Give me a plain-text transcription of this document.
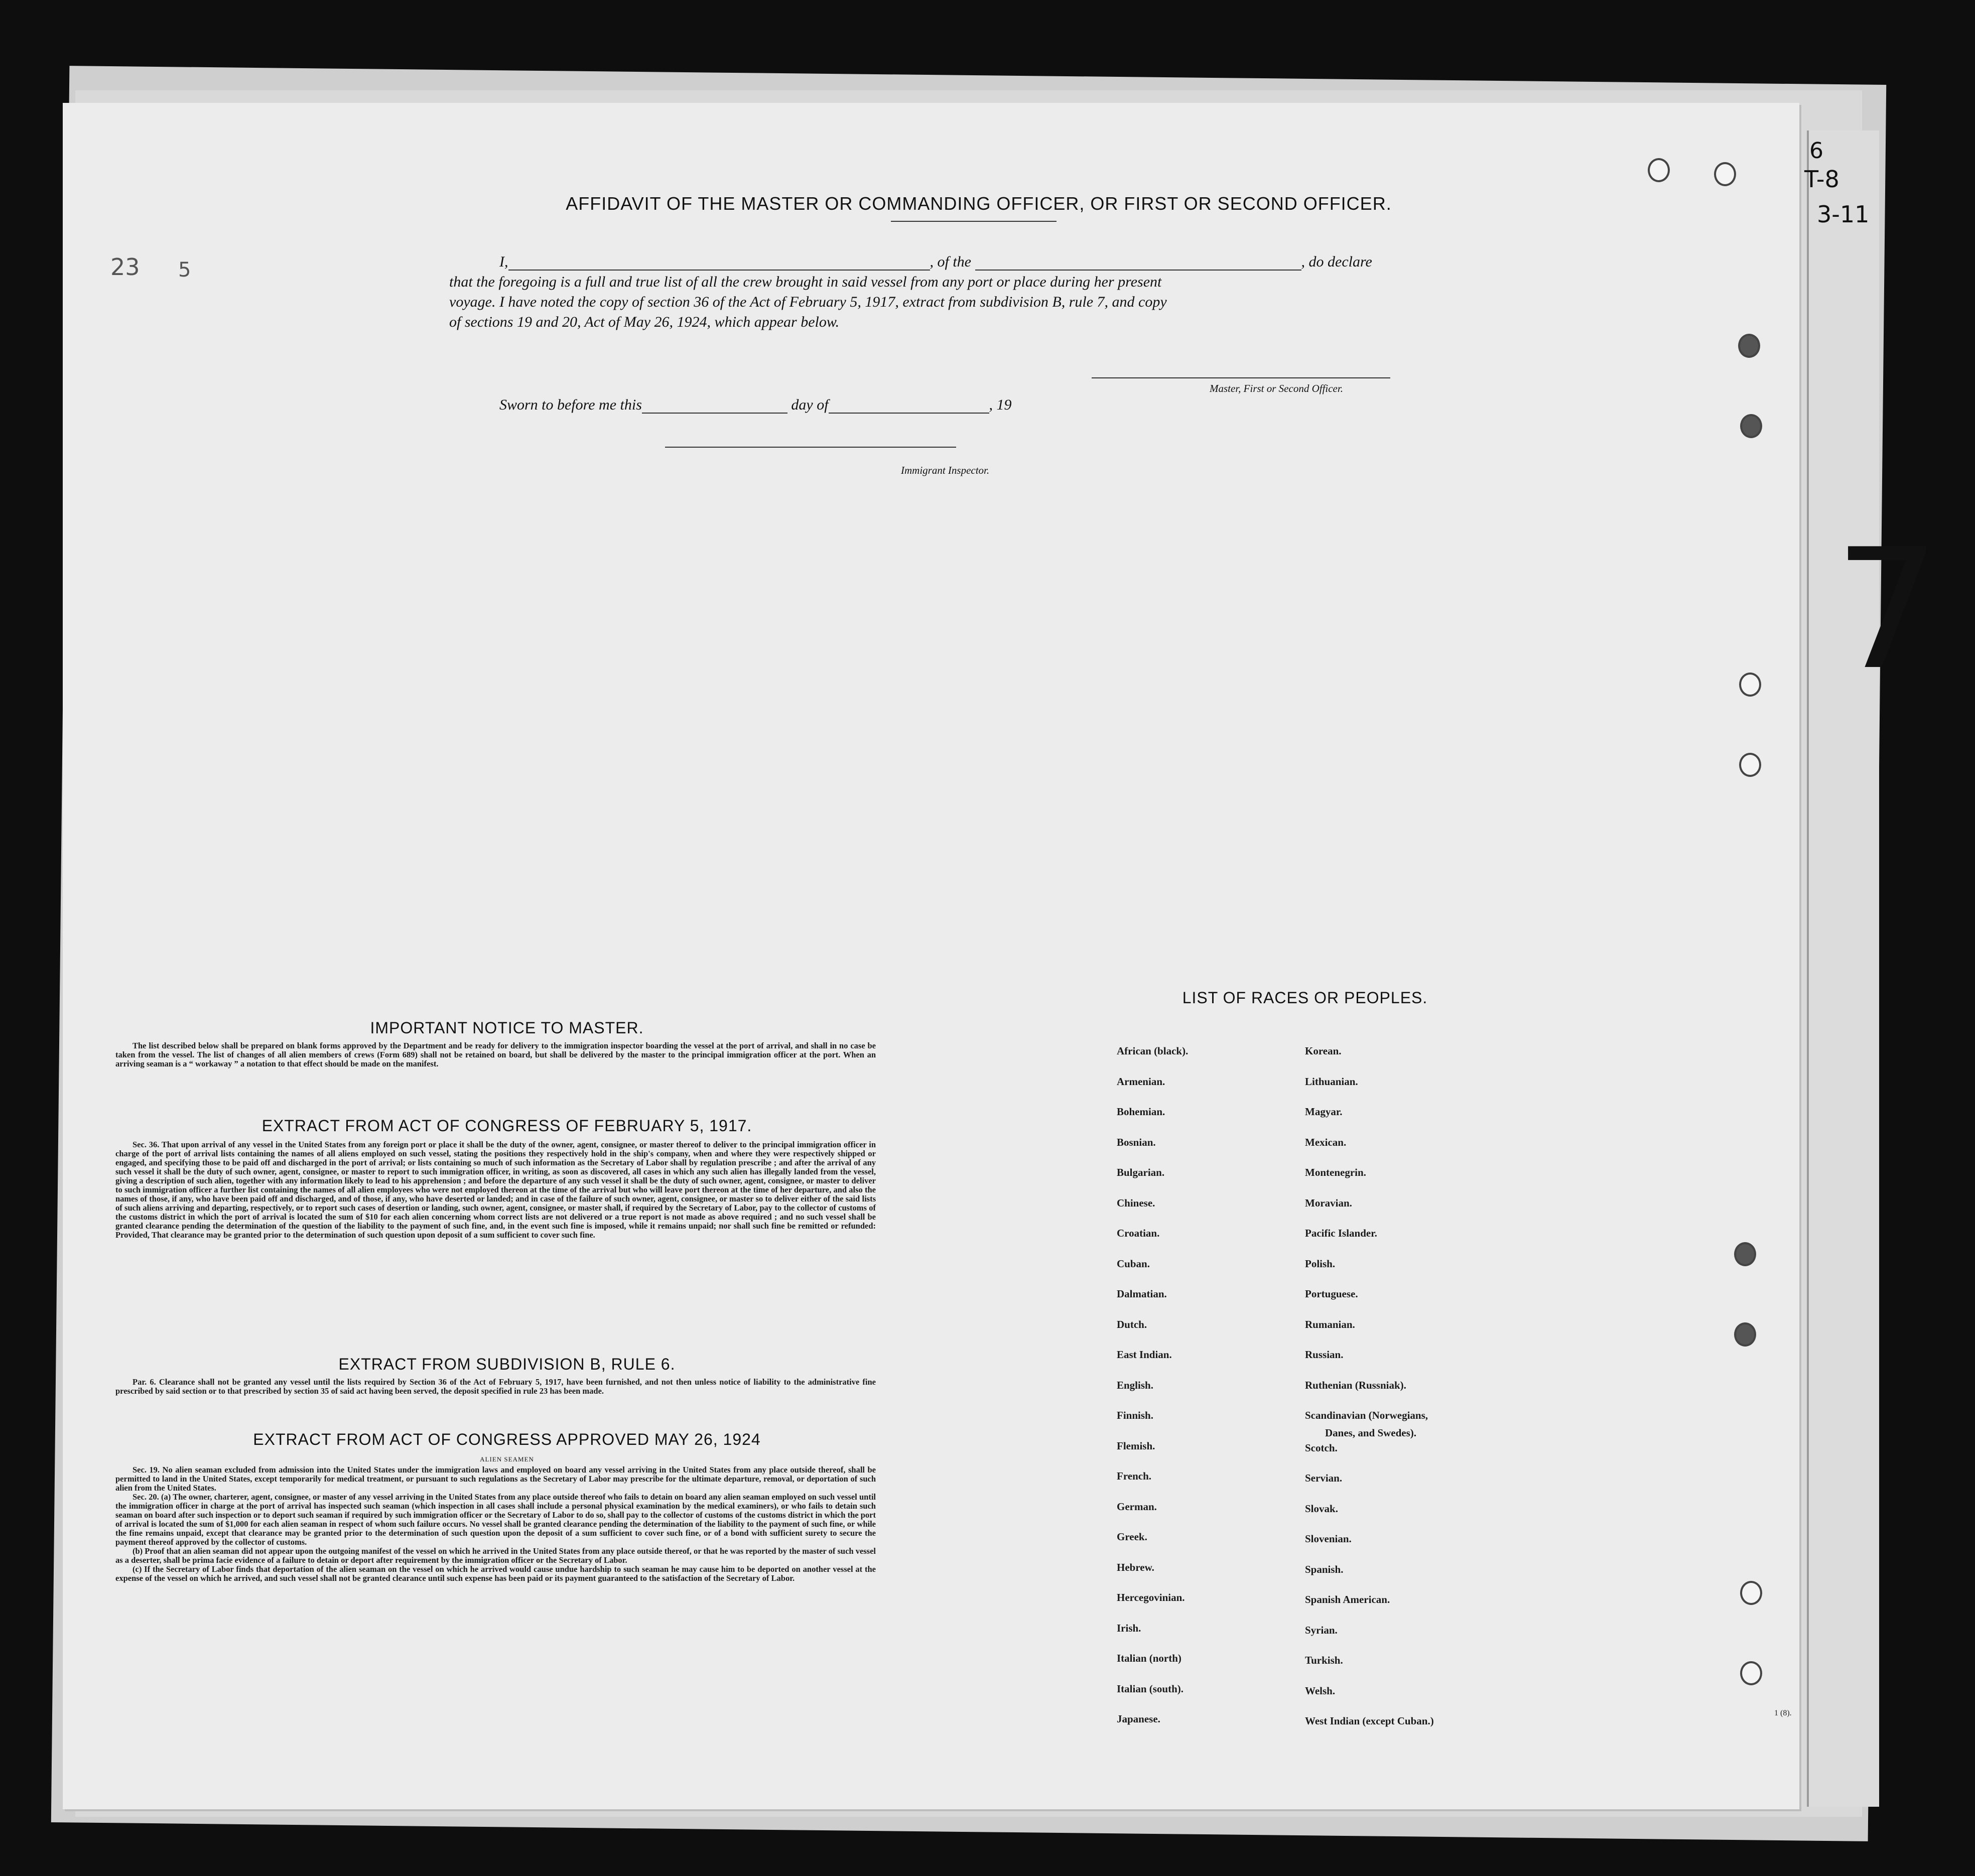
6
T-8
3-11
7
23 5
AFFIDAVIT OF THE MASTER OR COMMANDING OFFICER, OR FIRST OR SECOND OFFICER.
I,	, of the	, do declare
that the foregoing is a full and true list of all the crew brought in said vessel from any port or place during her present
voyage. I have noted the copy of section 36 of the Act of February 5, 1917, extract from subdivision B, rule 7, and copy
of sections 19 and 20, Act of May 26, 1924, which appear below.
Master, First or Second Officer.
Sworn to before me this	day of	, 19
Immigrant Inspector.
IMPORTANT NOTICE TO MASTER.

The list described below shall be prepared on blank forms approved by the Department and be ready for delivery to the immigration inspector boarding the vessel at the port of arrival, and shall in no case be taken from the vessel. The list of changes of all alien members of crews (Form 689) shall not be retained on board, but shall be delivered by the master to the principal immigration officer at the port. When an arriving seaman is a “ workaway ” a notation to that effect should be made on the manifest.

EXTRACT FROM ACT OF CONGRESS OF FEBRUARY 5, 1917.

Sec. 36. That upon arrival of any vessel in the United States from any foreign port or place it shall be the duty of the owner, agent, consignee, or master thereof to deliver to the principal immigration officer in charge of the port of arrival lists containing the names of all aliens employed on such vessel, stating the positions they respectively hold in the ship's company, when and where they were respectively shipped or engaged, and specifying those to be paid off and discharged in the port of arrival; or lists containing so much of such information as the Secretary of Labor shall by regulation prescribe ; and after the arrival of any such vessel it shall be the duty of such owner, agent, consignee, or master to report to such immigration officer, in writing, as soon as discovered, all cases in which any such alien has illegally landed from the vessel, giving a description of such alien, together with any information likely to lead to his apprehension ; and before the departure of any such vessel it shall be the duty of such owner, agent, consignee, or master to deliver to such immigration officer a further list containing the names of all alien employees who were not employed thereon at the time of the arrival but who will leave port thereon at the time of her departure, and also the names of those, if any, who have been paid off and discharged, and of those, if any, who have deserted or landed; and in case of the failure of such owner, agent, consignee, or master so to deliver either of the said lists of such aliens arriving and departing, respectively, or to report such cases of desertion or landing, such owner, agent, consignee, or master shall, if required by the Secretary of Labor, pay to the collector of customs of the customs district in which the port of arrival is located the sum of $10 for each alien concerning whom correct lists are not delivered or a true report is not made as above required ; and no such vessel shall be granted clearance pending the determination of the question of the liability to the payment of such fine, and, in the event such fine is imposed, while it remains unpaid; nor shall such fine be remitted or refunded: Provided, That clearance may be granted prior to the determination of such question upon deposit of a sum sufficient to cover such fine.

EXTRACT FROM SUBDIVISION B, RULE 6.

Par. 6. Clearance shall not be granted any vessel until the lists required by Section 36 of the Act of February 5, 1917, have been furnished, and not then unless notice of liability to the administrative fine prescribed by said section or to that prescribed by section 35 of said act having been served, the deposit specified in rule 23 has been made.

EXTRACT FROM ACT OF CONGRESS APPROVED MAY 26, 1924
ALIEN SEAMEN

Sec. 19. No alien seaman excluded from admission into the United States under the immigration laws and employed on board any vessel arriving in the United States from any place outside thereof, shall be permitted to land in the United States, except temporarily for medical treatment, or pursuant to such regulations as the Secretary of Labor may prescribe for the ultimate departure, removal, or deportation of such alien from the United States.

Sec. 20. (a) The owner, charterer, agent, consignee, or master of any vessel arriving in the United States from any place outside thereof who fails to detain on board any alien seaman employed on such vessel until the immigration officer in charge at the port of arrival has inspected such seaman (which inspection in all cases shall include a personal physical examination by the medical examiners), or who fails to detain such seaman on board after such inspection or to deport such seaman if required by such immigration officer or the Secretary of Labor to do so, shall pay to the collector of customs of the customs district in which the port of arrival is located the sum of $1,000 for each alien seaman in respect of whom such failure occurs. No vessel shall be granted clearance pending the determination of the liability to the payment of such fine, or while the fine remains unpaid, except that clearance may be granted prior to the determination of such question upon the deposit of a sum sufficient to cover such fine, or of a bond with sufficient surety to secure the payment thereof approved by the collector of customs.

(b) Proof that an alien seaman did not appear upon the outgoing manifest of the vessel on which he arrived in the United States from any place outside thereof, or that he was reported by the master of such vessel as a deserter, shall be prima facie evidence of a failure to detain or deport after requirement by the immigration officer or the Secretary of Labor.

(c) If the Secretary of Labor finds that deportation of the alien seaman on the vessel on which he arrived would cause undue hardship to such seaman he may cause him to be deported on another vessel at the expense of the vessel on which he arrived, and such vessel shall not be granted clearance until such expense has been paid or its payment guaranteed to the satisfaction of the Secretary of Labor.

LIST OF RACES OR PEOPLES.
Danes, and Swedes).
1 (8).
African (black).
Armenian.
Bohemian.
Bosnian.
Bulgarian.
Chinese.
Croatian.
Cuban.
Dalmatian.
Dutch.
East Indian.
English.
Finnish.
Flemish.
French.
German.
Greek.
Hebrew.
Hercegovinian.
Irish.
Italian (north)
Italian (south).
Japanese.
Korean.
Lithuanian.
Magyar.
Mexican.
Montenegrin.
Moravian.
Pacific Islander.
Polish.
Portuguese.
Rumanian.
Russian.
Ruthenian (Russniak).
Scandinavian (Norwegians,
Scotch.
Servian.
Slovak.
Slovenian.
Spanish.
Spanish American.
Syrian.
Turkish.
Welsh.
West Indian (except Cuban.)
